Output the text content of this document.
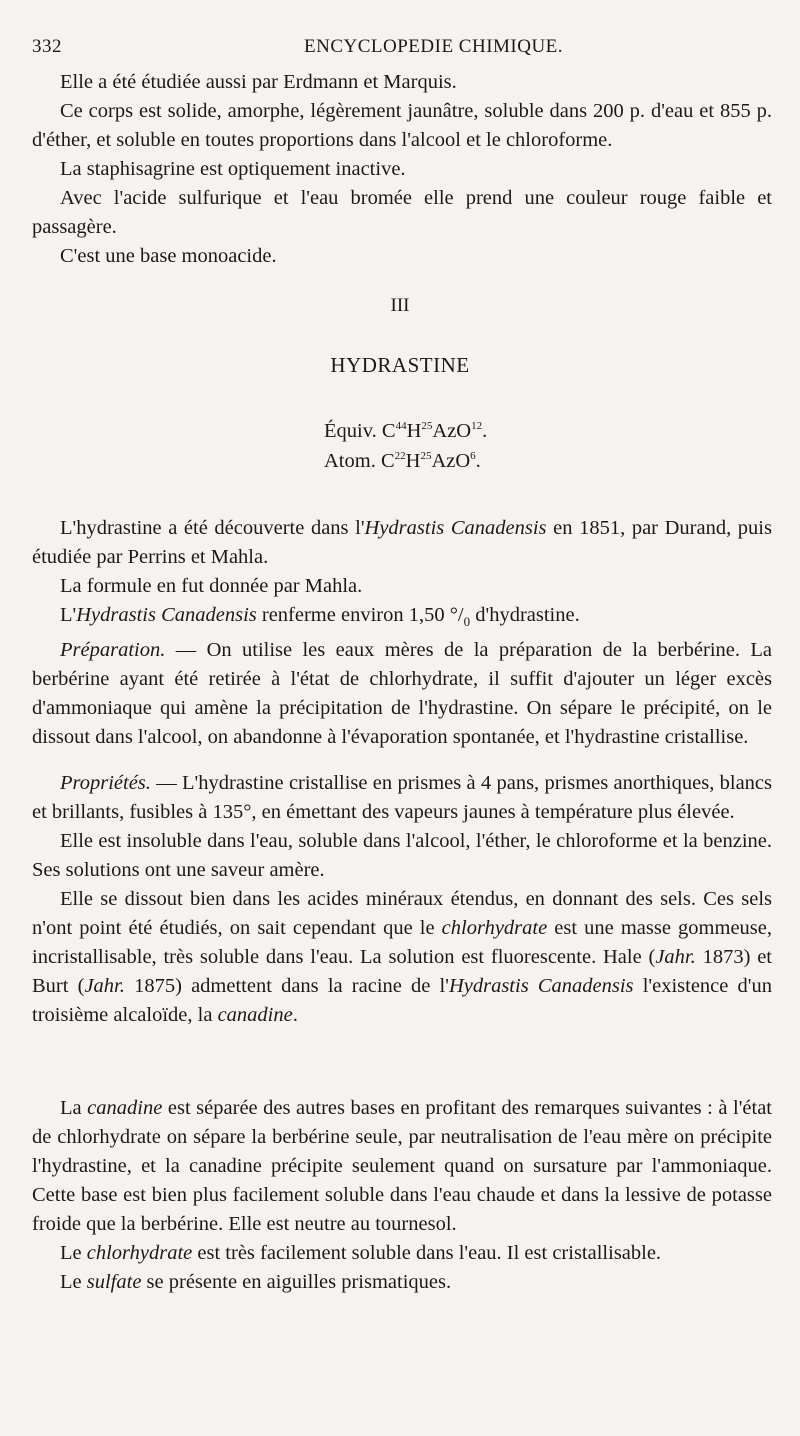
332	ENCYCLOPEDIE CHIMIQUE.

Elle a été étudiée aussi par Erdmann et Marquis.

Ce corps est solide, amorphe, légèrement jaunâtre, soluble dans 200 p. d'eau et 855 p. d'éther, et soluble en toutes proportions dans l'alcool et le chloroforme.

La staphisagrine est optiquement inactive.

Avec l'acide sulfurique et l'eau bromée elle prend une couleur rouge faible et passagère.

C'est une base monoacide.

III
HYDRASTINE
Équiv. $C^{44}H^{25}AzO^{12}$.
Atom. $C^{22}H^{25}AzO^6$.

L'hydrastine a été découverte dans l'Hydrastis Canadensis en 1851, par Durand, puis étudiée par Perrins et Mahla.

La formule en fut donnée par Mahla.

L'Hydrastis Canadensis renferme environ 1,50 $^\circ/_0$ d'hydrastine.

Préparation. — On utilise les eaux mères de la préparation de la berbérine. La berbérine ayant été retirée à l'état de chlorhydrate, il suffit d'ajouter un léger excès d'ammoniaque qui amène la précipitation de l'hydrastine. On sépare le précipité, on le dissout dans l'alcool, on abandonne à l'évaporation spontanée, et l'hydrastine cristallise.

Propriétés. — L'hydrastine cristallise en prismes à 4 pans, prismes anorthiques, blancs et brillants, fusibles à 135°, en émettant des vapeurs jaunes à température plus élevée.

Elle est insoluble dans l'eau, soluble dans l'alcool, l'éther, le chloroforme et la benzine. Ses solutions ont une saveur amère.

Elle se dissout bien dans les acides minéraux étendus, en donnant des sels. Ces sels n'ont point été étudiés, on sait cependant que le chlorhydrate est une masse gommeuse, incristallisable, très soluble dans l'eau. La solution est fluorescente. Hale (Jahr. 1873) et Burt (Jahr. 1875) admettent dans la racine de l'Hydrastis Canadensis l'existence d'un troisième alcaloïde, la canadine.

La canadine est séparée des autres bases en profitant des remarques suivantes : à l'état de chlorhydrate on sépare la berbérine seule, par neutralisation de l'eau mère on précipite l'hydrastine, et la canadine précipite seulement quand on sursature par l'ammoniaque. Cette base est bien plus facilement soluble dans l'eau chaude et dans la lessive de potasse froide que la berbérine. Elle est neutre au tournesol.

Le chlorhydrate est très facilement soluble dans l'eau. Il est cristallisable.

Le sulfate se présente en aiguilles prismatiques.
